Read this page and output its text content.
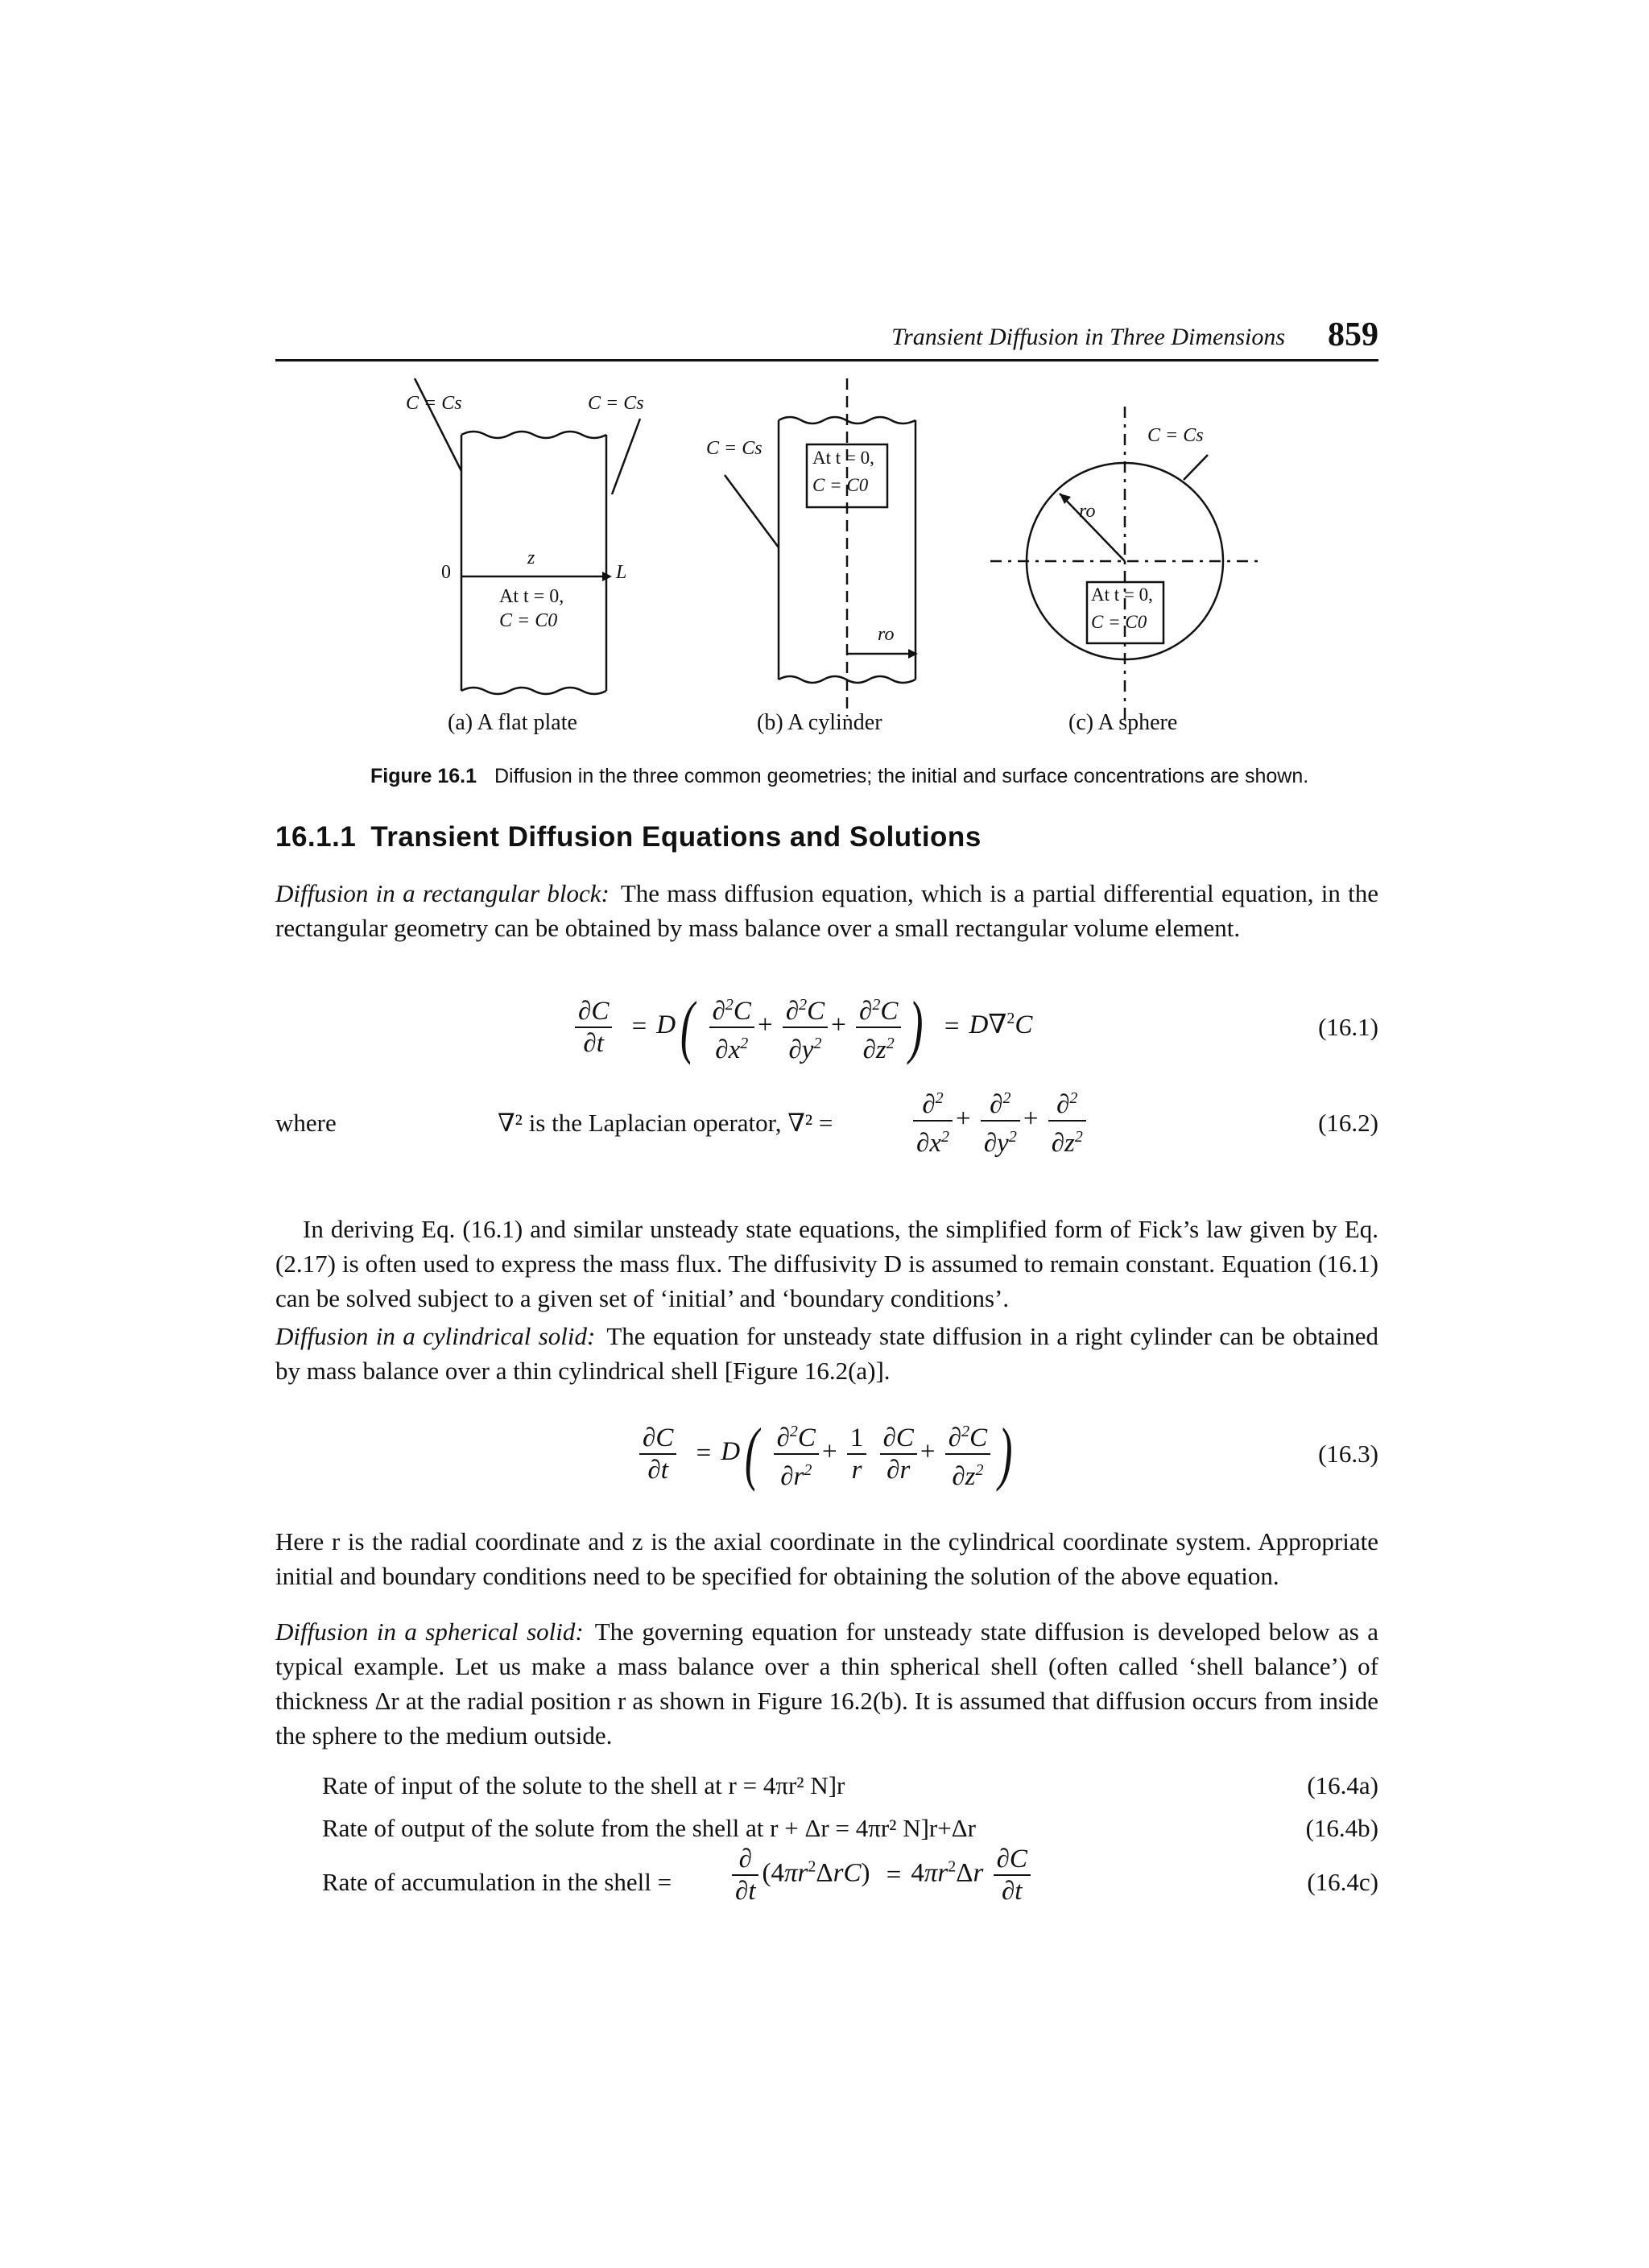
Transient Diffusion in Three Dimensions 859
C = Cs	C = Cs
0
z
L
At t = 0,
C = C0
(a) A flat plate
C = Cs	At t = 0,
C = C0
ro
(b) A cylinder
C = Cs
ro
At t = 0,
C = C0
(c) A sphere
Figure 16.1 Diffusion in the three common geometries; the initial and surface concentrations are shown.
16.1.1 Transient Diffusion Equations and Solutions

Diffusion in a rectangular block: The mass diffusion equation, which is a partial differential equation, in the rectangular geometry can be obtained by mass balance over a small rectangular volume element.

$\frac{\partial C}{\partial t} = D( \frac{\partial^2C}{\partial x^2} + \frac{\partial^2C}{\partial y^2} + \frac{\partial^2C}{\partial z^2}$ ) = D∇$^2$C	(16.1)
where	∇² is the Laplacian operator, ∇² =	$\frac{\partial^2}{\partial x^2} + \frac{\partial^2}{\partial y^2} + \frac{\partial^2}{\partial z^2}$	(16.2)

In deriving Eq. (16.1) and similar unsteady state equations, the simplified form of Fick’s law given by Eq. (2.17) is often used to express the mass flux. The diffusivity D is assumed to remain constant. Equation (16.1) can be solved subject to a given set of ‘initial’ and ‘boundary conditions’.

Diffusion in a cylindrical solid: The equation for unsteady state diffusion in a right cylinder can be obtained by mass balance over a thin cylindrical shell [Figure 16.2(a)].

$\frac{\partial C}{\partial t} = D( \frac{\partial^2C}{\partial r^2} + \frac{1}{r}$
$\frac{\partial C}{\partial r} + \frac{\partial^2C}{\partial z^2}$ )	(16.3)

Here r is the radial coordinate and z is the axial coordinate in the cylindrical coordinate system. Appropriate initial and boundary conditions need to be specified for obtaining the solution of the above equation.

Diffusion in a spherical solid: The governing equation for unsteady state diffusion is developed below as a typical example. Let us make a mass balance over a thin spherical shell (often called ‘shell balance’) of thickness Δr at the radial position r as shown in Figure 16.2(b). It is assumed that diffusion occurs from inside the sphere to the medium outside.

Rate of input of the solute to the shell at r = 4πr² N]r	(16.4a)
Rate of output of the solute from the shell at r + Δr = 4πr² N]r+Δr	(16.4b)
Rate of accumulation in the shell = $\frac{\partial}{\partial t} (4\pi r^2\Delta rC) = 4\pi r^2\Delta r \frac{\partial C}{\partial t}$	(16.4c)
